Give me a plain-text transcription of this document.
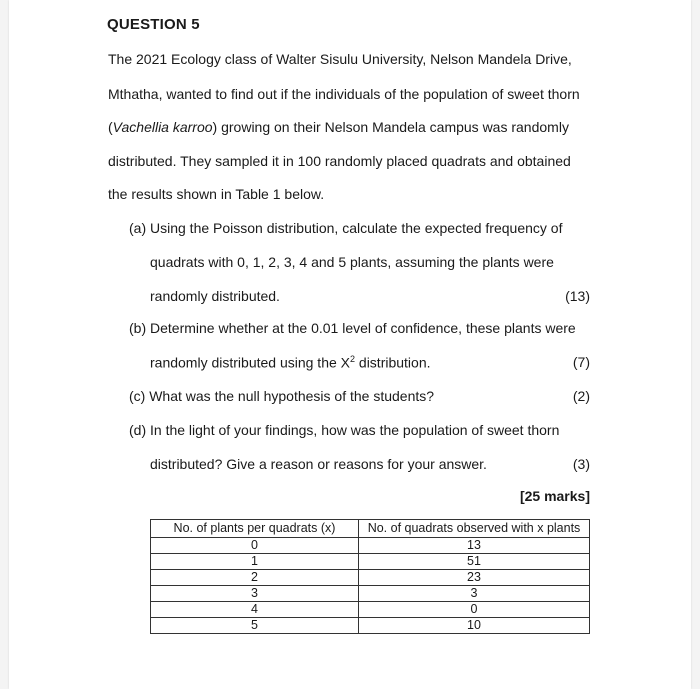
QUESTION 5
The 2021 Ecology class of Walter Sisulu University, Nelson Mandela Drive,
Mthatha, wanted to find out if the individuals of the population of sweet thorn
(Vachellia karroo) growing on their Nelson Mandela campus was randomly
distributed. They sampled it in 100 randomly placed quadrats and obtained
the results shown in Table 1 below.
(a) Using the Poisson distribution, calculate the expected frequency of
quadrats with 0, 1, 2, 3, 4 and 5 plants, assuming the plants were
randomly distributed.	(13)
(b) Determine whether at the 0.01 level of confidence, these plants were
randomly distributed using the $X^2$ distribution.	(7)
(c) What was the null hypothesis of the students?	(2)
(d) In the light of your findings, how was the population of sweet thorn
distributed? Give a reason or reasons for your answer.	(3)
[25 marks]
No. of plants per quadrats (x)	No. of quadrats observed with x plants
0	13
1	51
2	23
3	3
4	0
5	10
